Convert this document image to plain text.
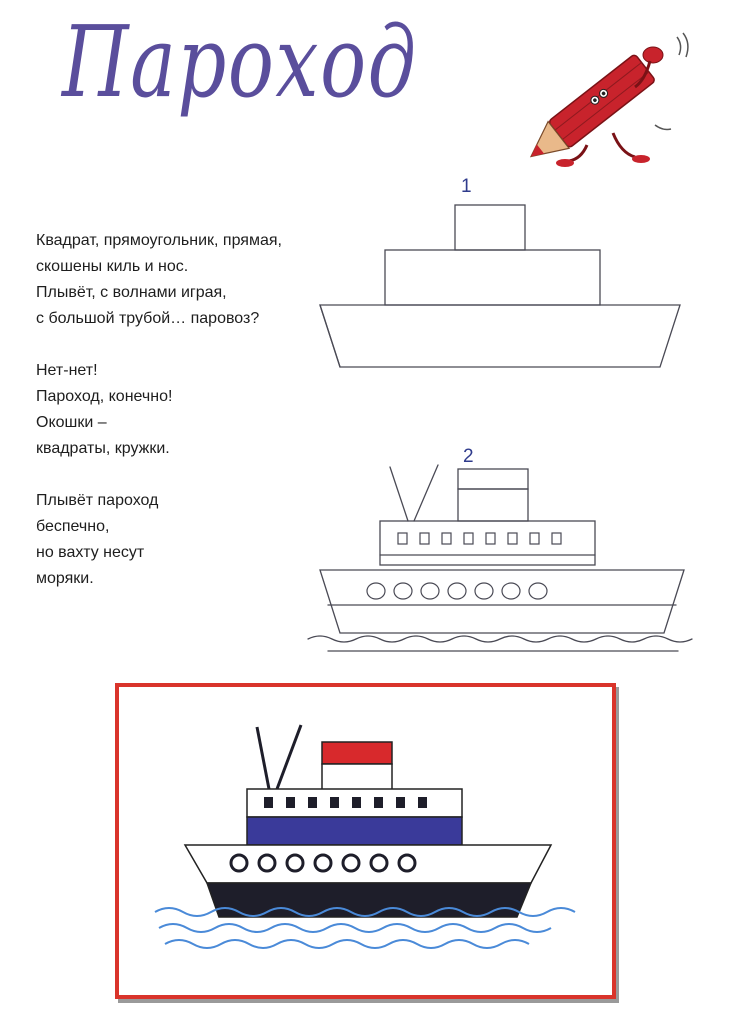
Пароход
Квадрат, прямоугольник, прямая,
скошены киль и нос.
Плывёт, с волнами играя,
с большой трубой… паровоз?
Нет-нет!
Пароход, конечно!
Окошки –
квадраты, кружки.
Плывёт пароход
беспечно,
но вахту несут
моряки.
1
2
